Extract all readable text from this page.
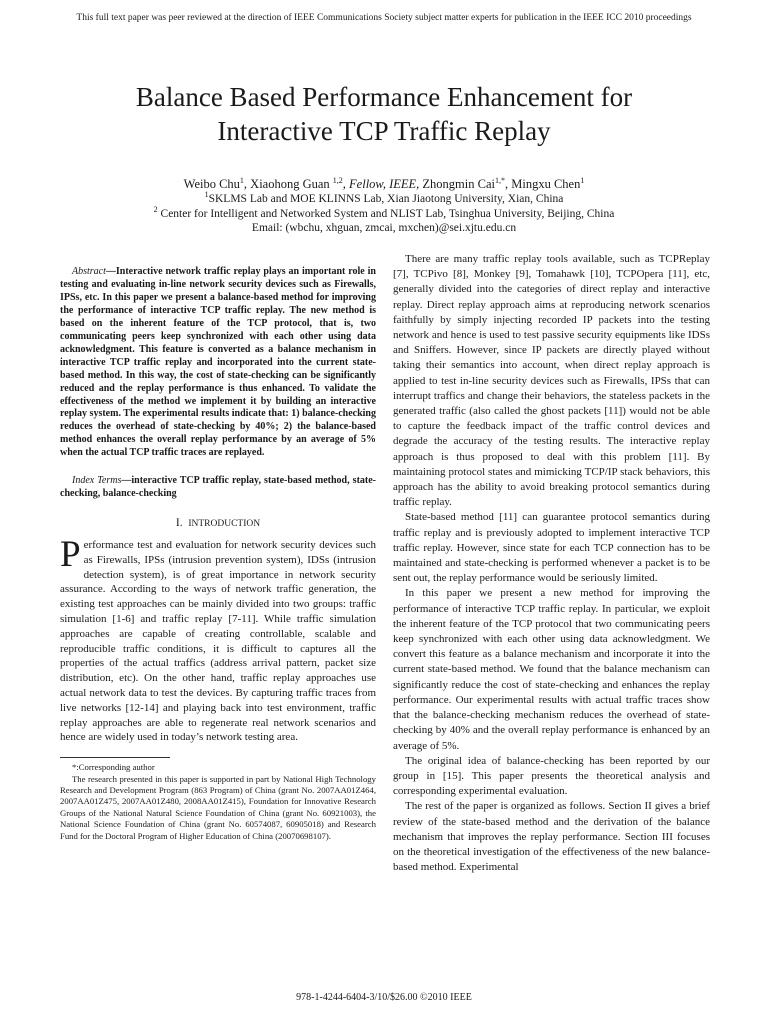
This full text paper was peer reviewed at the direction of IEEE Communications Society subject matter experts for publication in the IEEE ICC 2010 proceedings
Balance Based Performance Enhancement for
Interactive TCP Traffic Replay
Weibo Chu$^1$, Xiaohong Guan $^{1,2}$, Fellow, IEEE, Zhongmin Cai$^{1,*}$, Mingxu Chen$^1$
$^1$SKLMS Lab and MOE KLINNS Lab, Xian Jiaotong University, Xian, China
$^2$ Center for Intelligent and Networked System and NLIST Lab, Tsinghua University, Beijing, China
Email: (wbchu, xhguan, zmcai, mxchen)@sei.xjtu.edu.cn

Abstract—Interactive network traffic replay plays an important role in testing and evaluating in-line network security devices such as Firewalls, IPSs, etc. In this paper we present a balance-based method for improving the performance of interactive TCP traffic replay. The new method is based on the inherent feature of the TCP protocol, that is, two communicating peers keep synchronized with each other using data acknowledgment. This feature is converted as a balance mechanism in interactive TCP traffic replay and incorporated into the current state-based method. In this way, the cost of state-checking can be significantly reduced and the replay performance is thus enhanced. To validate the effectiveness of the method we implement it by building an interactive replay system. The experimental results indicate that: 1) balance-checking reduces the overhead of state-checking by 40%; 2) the balance-based method enhances the overall replay performance by an average of 5% when the actual TCP traffic traces are replayed.

Index Terms—interactive TCP traffic replay, state-based method, state-checking, balance-checking

I. INTRODUCTION

Performance test and evaluation for network security devices such as Firewalls, IPSs (intrusion prevention system), IDSs (intrusion detection system), is of great importance in network security assurance. According to the ways of network traffic generation, the existing test approaches can be mainly divided into two groups: traffic simulation [1-6] and traffic replay [7-11]. While traffic simulation approaches are capable of creating controllable, scalable and reproducible traffic conditions, it is difficult to captures all the properties of the actual traffics (address arrival pattern, packet size distribution, etc). On the other hand, traffic replay approaches use actual network data to test the devices. By capturing traffic traces from live networks [12-14] and playing back into test environment, traffic replay approaches are able to regenerate real network scenarios and hence are widely used in today’s network testing area.

*:Corresponding author

The research presented in this paper is supported in part by National High Technology Research and Development Program (863 Program) of China (grant No. 2007AA01Z464, 2007AA01Z475, 2007AA01Z480, 2008AA01Z415), Foundation for Innovative Research Groups of the National Natural Science Foundation of China (grant No. 60921003), the National Science Foundation of China (grant No. 60574087, 60905018) and Research Fund for the Doctoral Program of Higher Education of China (20070698107).

There are many traffic replay tools available, such as TCPReplay [7], TCPivo [8], Monkey [9], Tomahawk [10], TCPOpera [11], etc, generally divided into the categories of direct replay and interactive replay. Direct replay approach aims at reproducing network scenarios faithfully by simply injecting recorded IP packets into the testing network and hence is used to test passive security equipments like IDSs and Sniffers. However, since IP packets are directly played without taking their semantics into account, when direct replay approach is applied to test in-line security devices such as Firewalls, IPSs that can interrupt traffics and change their behaviors, the stateless packets in the generated traffic (also called the ghost packets [11]) would not be able to capture the feedback impact of the traffic control devices and degrade the accuracy of the testing results. The interactive replay approach is thus proposed to deal with this problem [11]. By maintaining protocol states and mimicking TCP/IP stack behaviors, this approach has the ability to avoid breaking protocol semantics during traffic replay.

State-based method [11] can guarantee protocol semantics during traffic replay and is previously adopted to implement interactive TCP traffic replay. However, since state for each TCP connection has to be maintained and state-checking is performed whenever a packet is to be sent out, the replay performance would be seriously limited.

In this paper we present a new method for improving the performance of interactive TCP traffic replay. In particular, we exploit the inherent feature of the TCP protocol that two communicating peers keep synchronized with each other using data acknowledgment. We convert this feature as a balance mechanism and incorporate it into the current state-based method. We found that the balance mechanism can significantly reduce the cost of state-checking and enhances the replay performance. Our experimental results with actual traffic traces show that the balance-checking mechanism reduces the overhead of state-checking by 40% and the overall replay performance is enhanced by an average of 5%.

The original idea of balance-checking has been reported by our group in [15]. This paper presents the theoretical analysis and corresponding experimental evaluation.

The rest of the paper is organized as follows. Section II gives a brief review of the state-based method and the derivation of the balance mechanism that improves the replay performance. Section III focuses on the theoretical investigation of the effectiveness of the new balance-based method. Experimental

978-1-4244-6404-3/10/$26.00 ©2010 IEEE
